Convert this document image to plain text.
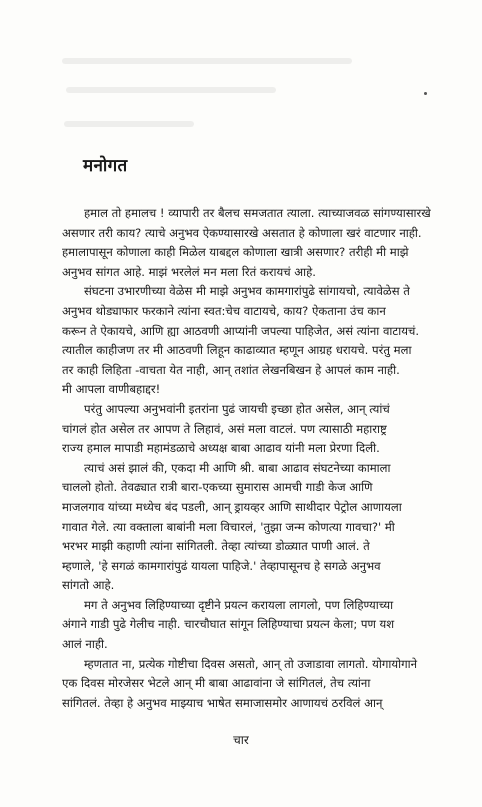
मनोगत
हमाल तो हमालच ! व्यापारी तर बैलच समजतात त्याला. त्याच्याजवळ सांगण्यासारखे
असणार तरी काय? त्याचे अनुभव ऐकण्यासारखे असतात हे कोणाला खरं वाटणार नाही.
हमालापासून कोणाला काही मिळेल याबद्दल कोणाला खात्री असणार? तरीही मी माझे
अनुभव सांगत आहे. माझं भरलेलं मन मला रितं करायचं आहे.
संघटना उभारणीच्या वेळेस मी माझे अनुभव कामगारांपुढे सांगायचो, त्यावेळेस ते
अनुभव थोड्याफार फरकाने त्यांना स्वत:चेच वाटायचे, काय? ऐकताना उंच कान
करून ते ऐकायचे, आणि ह्या आठवणी आप्यांनी जपल्या पाहिजेत, असं त्यांना वाटायचं.
त्यातील काहीजण तर मी आठवणी लिहून काढाव्यात म्हणून आग्रह धरायचे. परंतु मला
तर काही लिहिता -वाचता येत नाही, आन् तशांत लेखनबिखन हे आपलं काम नाही.
मी आपला वाणीबहाद्दर!
परंतु आपल्या अनुभवांनी इतरांना पुढं जायची इच्छा होत असेल, आन् त्यांचं
चांगलं होत असेल तर आपण ते लिहावं, असं मला वाटलं. पण त्यासाठी महाराष्ट्र
राज्य हमाल मापाडी महामंडळाचे अध्यक्ष बाबा आढाव यांनी मला प्रेरणा दिली.
त्याचं असं झालं की, एकदा मी आणि श्री. बाबा आढाव संघटनेच्या कामाला
चाललो होतो. तेवढ्यात रात्री बारा-एकच्या सुमारास आमची गाडी केज आणि
माजलगाव यांच्या मध्येच बंद पडली, आन् ड्रायव्हर आणि साथीदार पेट्रोल आणायला
गावात गेले. त्या वक्ताला बाबांनी मला विचारलं, 'तुझा जन्म कोणत्या गावचा?' मी
भरभर माझी कहाणी त्यांना सांगितली. तेव्हा त्यांच्या डोळ्यात पाणी आलं. ते
म्हणाले, 'हे सगळं कामगारांपुढं यायला पाहिजे.' तेव्हापासूनच हे सगळे अनुभव
सांगतो आहे.
मग ते अनुभव लिहिण्याच्या दृष्टीने प्रयत्न करायला लागलो, पण लिहिण्याच्या
अंगाने गाडी पुढे गेलीच नाही. चारचौघात सांगून लिहिण्याचा प्रयत्न केला; पण यश
आलं नाही.
म्हणतात ना, प्रत्येक गोष्टीचा दिवस असतो, आन् तो उजाडावा लागतो. योगायोगाने
एक दिवस मोरजेसर भेटले आन् मी बाबा आढावांना जे सांगितलं, तेच त्यांना
सांगितलं. तेव्हा हे अनुभव माझ्याच भाषेत समाजासमोर आणायचं ठरविलं आन्
चार
